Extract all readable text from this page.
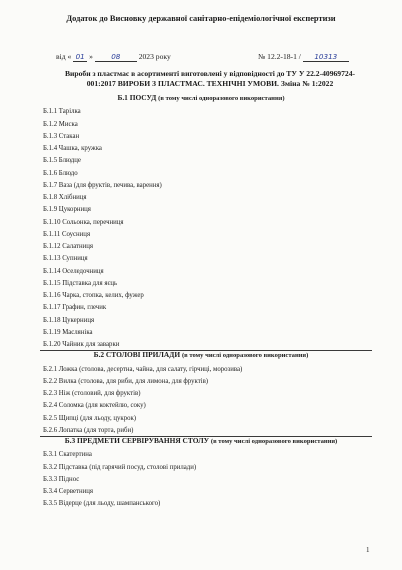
Додаток до Висновку державної санітарно-епідеміологічної експертизи
від « 01 »	08 2023 року	№ 12.2-18-1 / 10313
Вироби з пластмас в асортименті виготовлені у відповідності до ТУ У 22.2-40969724-001:2017 ВИРОБИ З ПЛАСТМАС. ТЕХНІЧНІ УМОВИ. Зміна № 1:2022
Б.1 ПОСУД (в тому числі одноразового використання)
Б.1.1 Тарілка
Б.1.2 Миска
Б.1.3 Стакан
Б.1.4 Чашка, кружка
Б.1.5 Блюдце
Б.1.6 Блюдо
Б.1.7 Ваза (для фруктів, печива, варення)
Б.1.8 Хлібниця
Б.1.9 Цукорниця
Б.1.10 Сольонка, перечниця
Б.1.11 Соусниця
Б.1.12 Салатниця
Б.1.13 Супниця
Б.1.14 Оселедочниця
Б.1.15 Підставка для яєць
Б.1.16 Чарка, стопка, келих, фужер
Б.1.17 Графин, глечик
Б.1.18 Цукерниця
Б.1.19 Масляніка
Б.1.20 Чайник для заварки
Б.2 СТОЛОВІ ПРИЛАДИ (в тому числі одноразового використання)
Б.2.1 Ложка (столова, десертна, чайна, для салату, гірчиці, морозива)
Б.2.2 Вилка (столова, для риби, для лимона, для фруктів)
Б.2.3 Ніж (столовий, для фруктів)
Б.2.4 Соломка (для коктейлю, соку)
Б.2.5 Щипці (для льоду, цукрок)
Б.2.6 Лопатка (для торта, риби)
Б.3 ПРЕДМЕТИ СЕРВІРУВАННЯ СТОЛУ (в тому числі одноразового використання)
Б.3.1 Скатертина
Б.3.2 Підставка (під гарячий посуд, столові прилади)
Б.3.3 Піднос
Б.3.4 Серветниця
Б.3.5 Відерце (для льоду, шампанського)
1
